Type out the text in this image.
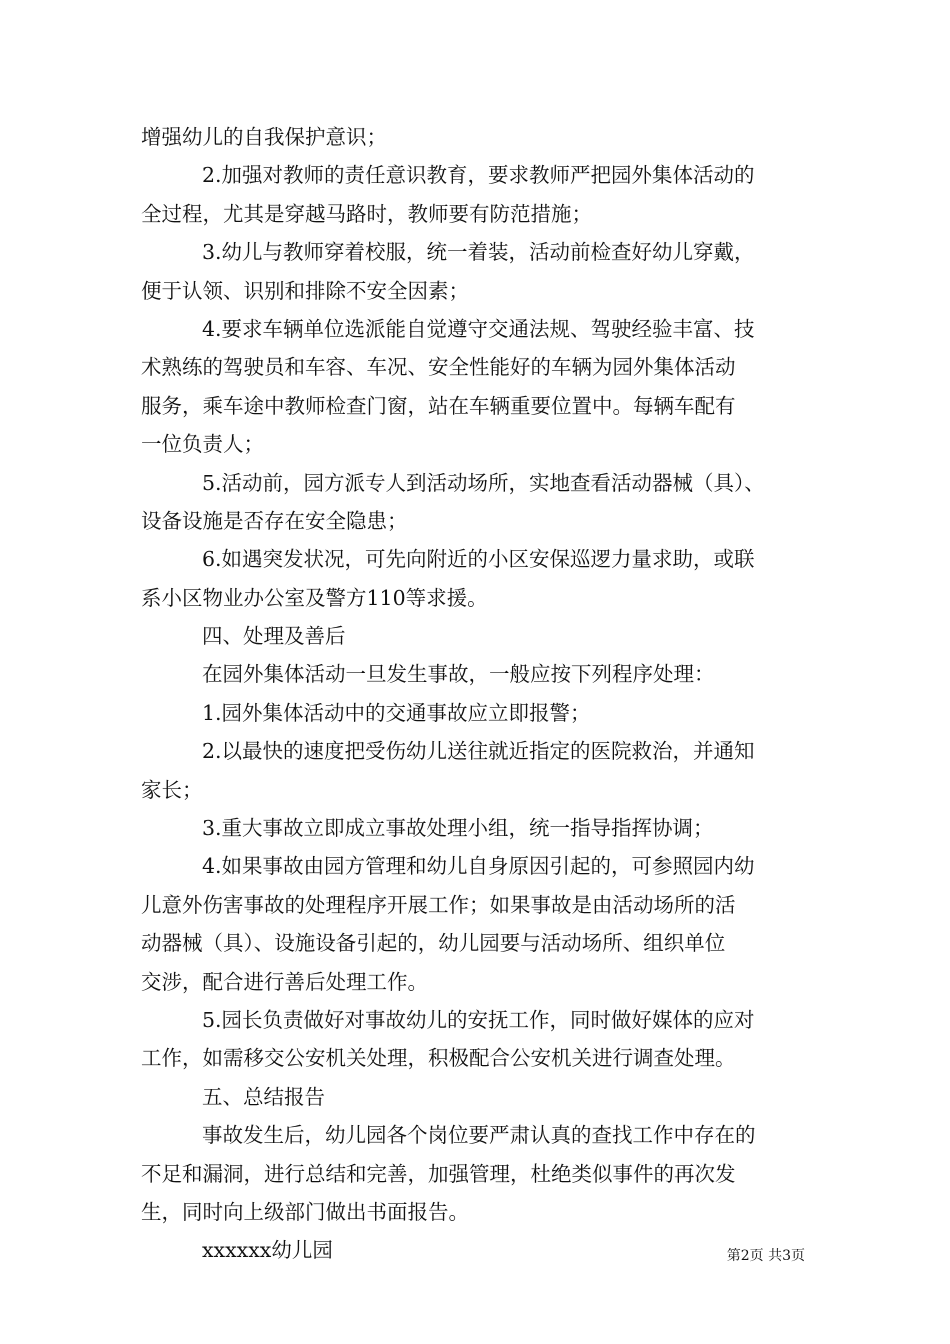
增强幼儿的自我保护意识；
2.加强对教师的责任意识教育，要求教师严把园外集体活动的
全过程，尤其是穿越马路时，教师要有防范措施；
3.幼儿与教师穿着校服，统一着装，活动前检查好幼儿穿戴，
便于认领、识别和排除不安全因素；
4.要求车辆单位选派能自觉遵守交通法规、驾驶经验丰富、技
术熟练的驾驶员和车容、车况、安全性能好的车辆为园外集体活动
服务，乘车途中教师检查门窗，站在车辆重要位置中。每辆车配有
一位负责人；
5.活动前，园方派专人到活动场所，实地查看活动器械（具）、
设备设施是否存在安全隐患；
6.如遇突发状况，可先向附近的小区安保巡逻力量求助，或联
系小区物业办公室及警方110等求援。
四、处理及善后
在园外集体活动一旦发生事故，一般应按下列程序处理：
1.园外集体活动中的交通事故应立即报警；
2.以最快的速度把受伤幼儿送往就近指定的医院救治，并通知
家长；
3.重大事故立即成立事故处理小组，统一指导指挥协调；
4.如果事故由园方管理和幼儿自身原因引起的，可参照园内幼
儿意外伤害事故的处理程序开展工作；如果事故是由活动场所的活
动器械（具）、设施设备引起的，幼儿园要与活动场所、组织单位
交涉，配合进行善后处理工作。
5.园长负责做好对事故幼儿的安抚工作，同时做好媒体的应对
工作，如需移交公安机关处理，积极配合公安机关进行调查处理。
五、总结报告
事故发生后，幼儿园各个岗位要严肃认真的查找工作中存在的
不足和漏洞，进行总结和完善，加强管理，杜绝类似事件的再次发
生，同时向上级部门做出书面报告。
xxxxxx幼儿园	第2页 共3页
